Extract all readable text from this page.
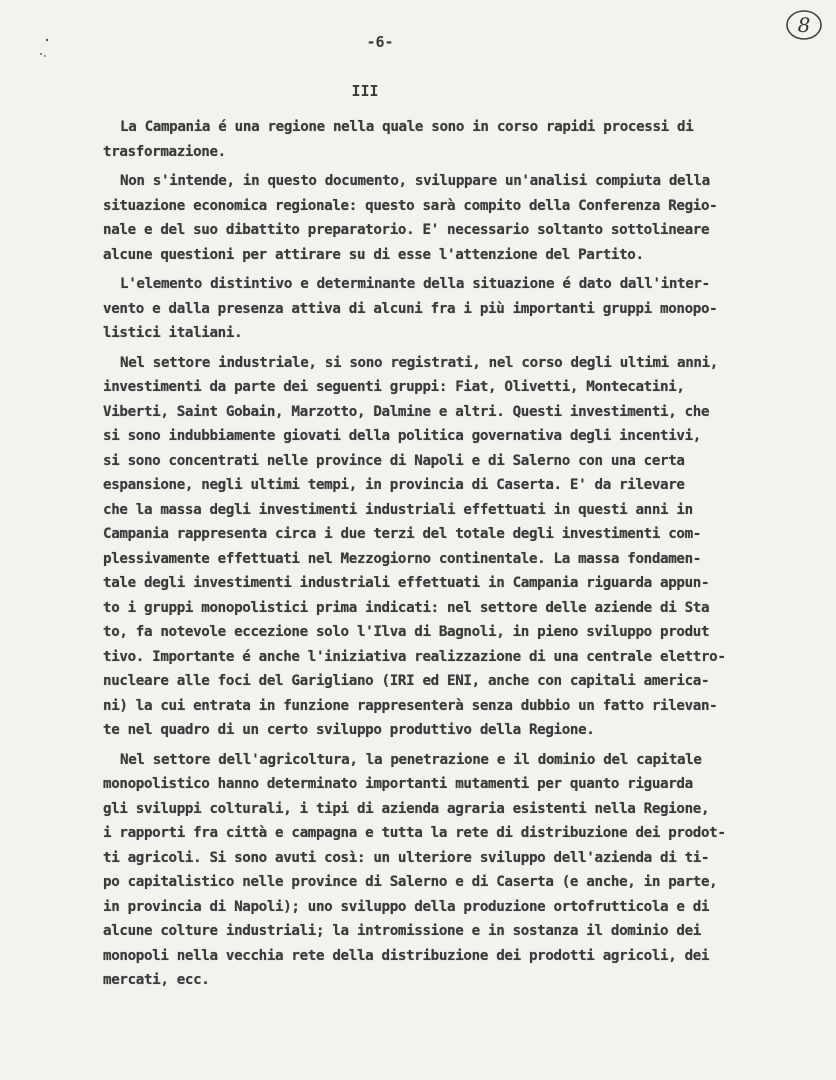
-6-
8
III
La Campania é una regione nella quale sono in corso rapidi processi di
trasformazione.
Non s'intende, in questo documento, sviluppare un'analisi compiuta della
situazione economica regionale: questo sarà compito della Conferenza Regio-
nale e del suo dibattito preparatorio. E' necessario soltanto sottolineare
alcune questioni per attirare su di esse l'attenzione del Partito.
L'elemento distintivo e determinante della situazione é dato dall'inter-
vento e dalla presenza attiva di alcuni fra i più importanti gruppi monopo-
listici italiani.
Nel settore industriale, si sono registrati, nel corso degli ultimi anni,
investimenti da parte dei seguenti gruppi: Fiat, Olivetti, Montecatini,
Viberti, Saint Gobain, Marzotto, Dalmine e altri. Questi investimenti, che
si sono indubbiamente giovati della politica governativa degli incentivi,
si sono concentrati nelle province di Napoli e di Salerno con una certa
espansione, negli ultimi tempi, in provincia di Caserta. E' da rilevare
che la massa degli investimenti industriali effettuati in questi anni in
Campania rappresenta circa i due terzi del totale degli investimenti com-
plessivamente effettuati nel Mezzogiorno continentale. La massa fondamen-
tale degli investimenti industriali effettuati in Campania riguarda appun-
to i gruppi monopolistici prima indicati: nel settore delle aziende di Sta
to, fa notevole eccezione solo l'Ilva di Bagnoli, in pieno sviluppo produt
tivo. Importante é anche l'iniziativa realizzazione di una centrale elettro-
nucleare alle foci del Garigliano (IRI ed ENI, anche con capitali america-
ni) la cui entrata in funzione rappresenterà senza dubbio un fatto rilevan-
te nel quadro di un certo sviluppo produttivo della Regione.
Nel settore dell'agricoltura, la penetrazione e il dominio del capitale
monopolistico hanno determinato importanti mutamenti per quanto riguarda
gli sviluppi colturali, i tipi di azienda agraria esistenti nella Regione,
i rapporti fra città e campagna e tutta la rete di distribuzione dei prodot-
ti agricoli. Si sono avuti così: un ulteriore sviluppo dell'azienda di ti-
po capitalistico nelle province di Salerno e di Caserta (e anche, in parte,
in provincia di Napoli); uno sviluppo della produzione ortofrutticola e di
alcune colture industriali; la intromissione e in sostanza il dominio dei
monopoli nella vecchia rete della distribuzione dei prodotti agricoli, dei
mercati, ecc.
